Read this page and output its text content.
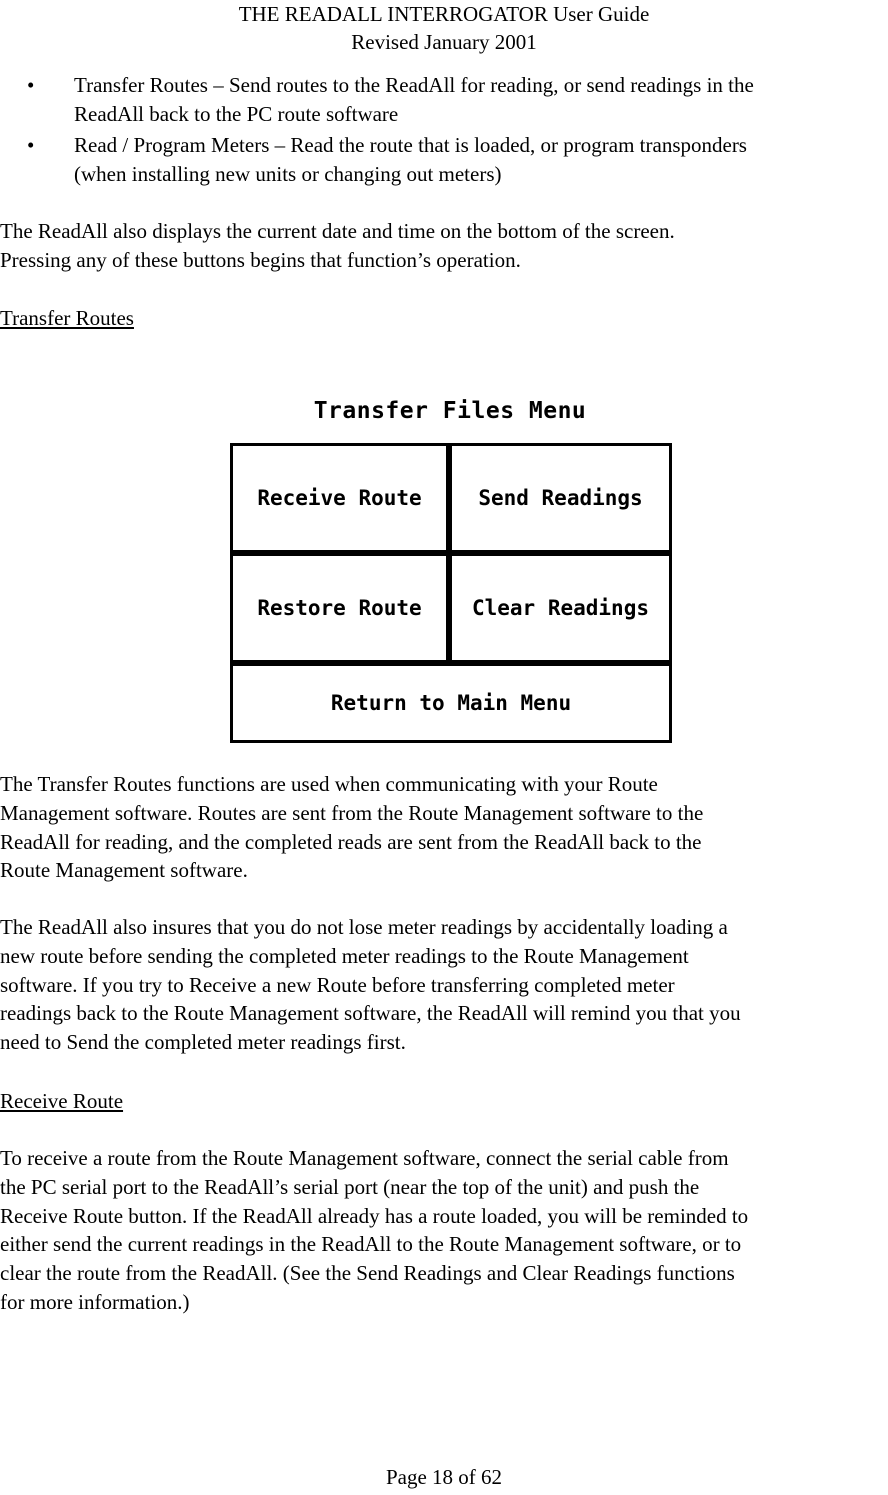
THE READALL INTERROGATOR User Guide
Revised January 2001
• Transfer Routes – Send routes to the ReadAll for reading, or send readings in the
ReadAll back to the PC route software
• Read / Program Meters – Read the route that is loaded, or program transponders
(when installing new units or changing out meters)
The ReadAll also displays the current date and time on the bottom of the screen.
Pressing any of these buttons begins that function’s operation.
Transfer Routes
Transfer Files Menu
Receive Route	Send Readings
Restore Route	Clear Readings
Return to Main Menu
The Transfer Routes functions are used when communicating with your Route
Management software. Routes are sent from the Route Management software to the
ReadAll for reading, and the completed reads are sent from the ReadAll back to the
Route Management software.
The ReadAll also insures that you do not lose meter readings by accidentally loading a
new route before sending the completed meter readings to the Route Management
software. If you try to Receive a new Route before transferring completed meter
readings back to the Route Management software, the ReadAll will remind you that you
need to Send the completed meter readings first.
Receive Route
To receive a route from the Route Management software, connect the serial cable from
the PC serial port to the ReadAll’s serial port (near the top of the unit) and push the
Receive Route button. If the ReadAll already has a route loaded, you will be reminded to
either send the current readings in the ReadAll to the Route Management software, or to
clear the route from the ReadAll. (See the Send Readings and Clear Readings functions
for more information.)
Page 18 of 62
